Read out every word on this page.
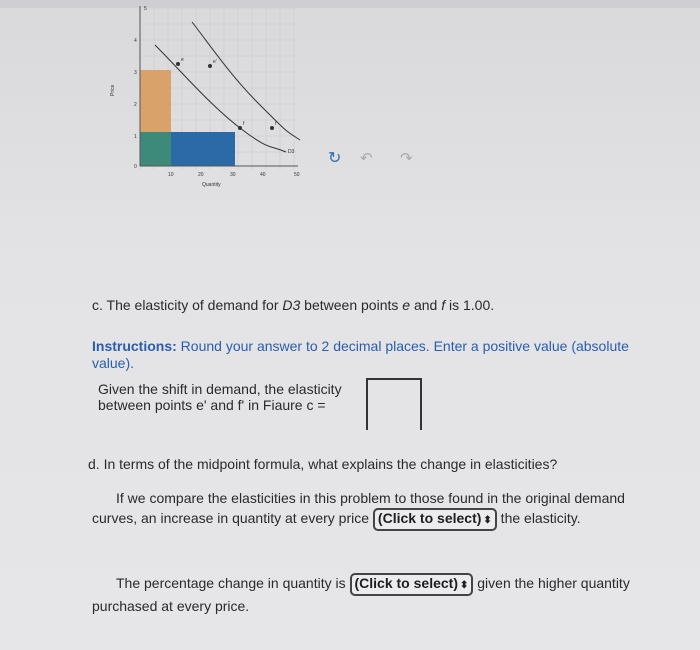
e	e'
f	f'
D3
5
4
3
2
1
0
10	20	30	40	50
Quantity
Price
↻	↶	↷
c. The elasticity of demand for D3 between points e and f is 1.00.
Instructions: Round your answer to 2 decimal places. Enter a positive value (absolute value).
Given the shift in demand, the elasticity between points e' and f' in Fiaure c =
d. In terms of the midpoint formula, what explains the change in elasticities?
If we compare the elasticities in this problem to those found in the original demand curves, an increase in quantity at every price (Click to select) ⬍ the elasticity.
The percentage change in quantity is (Click to select) ⬍ given the higher quantity purchased at every price.
